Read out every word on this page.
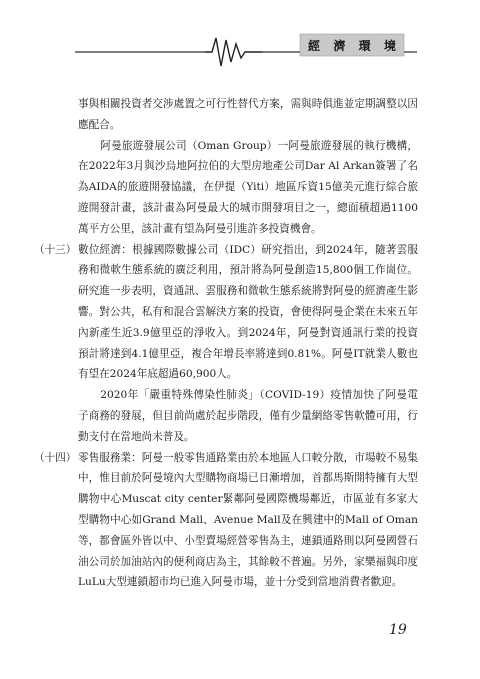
經 濟 環 境

事與相關投資者交涉處置之可行性替代方案，需與時俱進並定期調整以因應配合。

阿曼旅遊發展公司（Oman Group）一阿曼旅遊發展的執行機構，在2022年3月與沙烏地阿拉伯的大型房地產公司Dar Al Arkan簽署了名為AIDA的旅遊開發協議，在伊提（Yiti）地區斥資15億美元進行綜合旅遊開發計畫，該計畫為阿曼最大的城市開發項目之一，總面積超過1100萬平方公里，該計畫有望為阿曼引進許多投資機會。

（十三） 數位經濟：根據國際數據公司（IDC）研究指出，到2024年，隨著雲服務和微軟生態系統的廣泛利用，預計將為阿曼創造15,800個工作崗位。研究進一步表明，資通訊、雲服務和微軟生態系統將對阿曼的經濟產生影響。對公共，私有和混合雲解決方案的投資，會使得阿曼企業在未來五年內新產生近3.9億里亞的淨收入。到2024年，阿曼對資通訊行業的投資預計將達到4.1億里亞，複合年增長率將達到0.81%。阿曼IT就業人數也有望在2024年底超過60,900人。

2020年「嚴重特殊傳染性肺炎」（COVID-19）疫情加快了阿曼電子商務的發展，但目前尚處於起步階段，僅有少量網絡零售軟體可用，行動支付在當地尚未普及。

（十四） 零售服務業：阿曼一般零售通路業由於本地區人口較分散，市場較不易集中，惟目前於阿曼境內大型購物商場已日漸增加，首都馬斯開特擁有大型購物中心Muscat city center緊鄰阿曼國際機場鄰近，市區並有多家大型購物中心如Grand Mall、Avenue Mall及在興建中的Mall of Oman等，都會區外皆以中、小型賣場經營零售為主，連鎖通路則以阿曼國營石油公司於加油站內的便利商店為主，其餘較不普遍。另外，家樂福與印度LuLu大型連鎖超市均已進入阿曼市場，並十分受到當地消費者歡迎。
19
